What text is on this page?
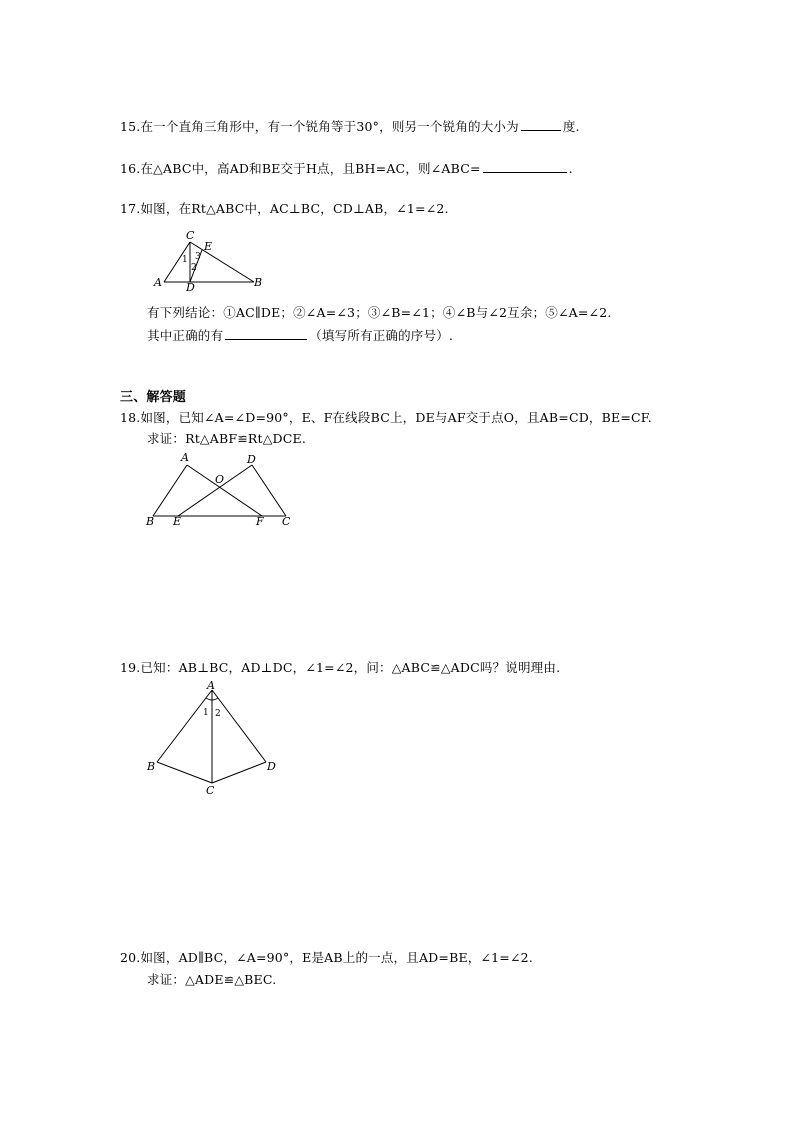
15.在一个直角三角形中，有一个锐角等于30°，则另一个锐角的大小为	度.
16.在△ABC中，高AD和BE交于H点，且BH=AC，则∠ABC=	.
17.如图，在Rt△ABC中，AC⊥BC，CD⊥AB，∠1=∠2.
C
E
A D	B
1
2
3
有下列结论：①AC∥DE；②∠A=∠3；③∠B=∠1；④∠B与∠2互余；⑤∠A=∠2.
其中正确的有	（填写所有正确的序号）.
三、解答题
18.如图，已知∠A=∠D=90°，E、F在线段BC上，DE与AF交于点O，且AB=CD，BE=CF.
求证：Rt△ABF≌Rt△DCE.
A	D
O
B E	F C
19.已知：AB⊥BC，AD⊥DC，∠1=∠2，问：△ABC≌△ADC吗？说明理由.
A
B
C
D
1 2
20.如图，AD∥BC，∠A=90°，E是AB上的一点，且AD=BE，∠1=∠2.
求证：△ADE≌△BEC.
